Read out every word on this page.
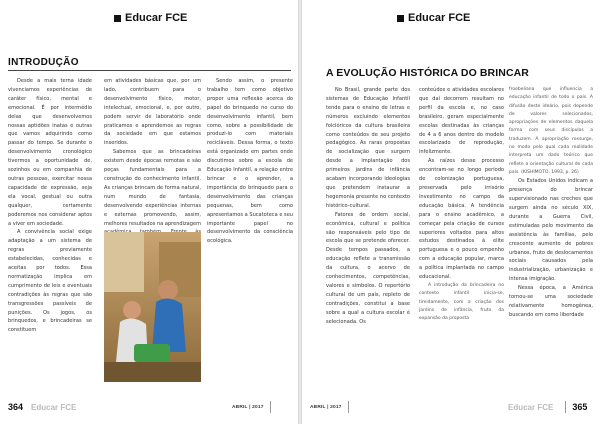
Educar FCE
INTRODUÇÃO

Desde a mais terna idade vivenciamos experiências de caráter físico, mental e emocional. É por intermédio delas que desenvolvemos nossas aptidões inatas e outras que vamos adquirindo como passar do tempo. Se durante o desenvolvimento cronológico tivermos a oportunidade de, sozinhos ou em companhia de outras pessoas, exercitar nossa capacidade de expressão, seja ela vocal, gestual ou outra qualquer, certamente poderemos nos considerar aptos a viver em sociedade.

A convivência social exige adaptação a um sistema de regras previamente estabelecidas, conhecidas e aceitas por todos. Essa normatização implica em cumprimento de leis e eventuais contradições às regras que são transgressões passíveis de punições. Os jogos, os brinquedos, e brincadeiras se constituem

em atividades básicas que, por um lado, contribuem para o desenvolvimento físico, motor, intelectual, emocional, e, por outro, podem servir de laboratório onde praticamos e aprendemos as regras da sociedade em que estamos inseridos.

Sabemos que as brincadeiras existem desde épocas remotas e são peças fundamentais para a construção do conhecimento infantil. As crianças brincam de forma natural, num mundo de fantasia, desenvolvendo experiências internas e externas promovendo, assim, melhores resultados na aprendizagem

Sendo assim, o presente trabalho tem como objetivo propor uma reflexão acerca do papel do brinquedo no curso do desenvolvimento infantil, bem como, sobre a possibilidade de produzi-lo com materiais recicláveis. Dessa forma, o texto está organizado em partes onde discutimos sobre a escola de Educação Infantil, a relação entre brincar e o aprender, a importância do brinquedo para o desenvolvimento das crianças pequenas, bem como apresentamos a Sucatoteca e seu importante papel no desenvolvimento da consciência ecológica.

364 Educar FCE	ABRIL | 2017
Educar FCE
A EVOLUÇÃO HISTÓRICA DO BRINCAR

No Brasil, grande parte dos sistemas de Educação Infantil tende para o ensino de letras e números excluindo elementos folclóricos da cultura brasileira como conteúdos de seu projeto pedagógico. As raras propostas de socialização que surgem desde a implantação dos primeiros jardins de infância acabam incorporando ideologias que pretendem instaurar a hegemonia presente no contexto histórico-cultural.

Fatores de ordem social, econômica, cultural e política são responsáveis pelo tipo de escola que se pretende oferecer. Desde tempos passados, a educação reflete a transmissão da cultura, o acervo de conhecimentos, competências, valores e símbolos. O repertório cultural de um país, repleto de contradições, constitui a base sobre a qual a cultura escolar é selecionada. Os

conteúdos e atividades escolares que daí decorrem resultam no perfil da escola e, no caso brasileiro, geram especialmente escolas destinadas às crianças de 4 a 6 anos dentro do modelo escolarizado de reprodução, infelizmente.

As raízes desse processo encontram-se no longo período de colonização portuguesa, preservada pelo irrisório investimento no campo da educação básica. A tendência para o ensino acadêmico, a começar pela criação de cursos superiores voltados para altos estudos destinados à elite portuguesa e o pouco empenho com a educação popular, marca a política implantada no campo educacional.

A introdução da brincadeira no contexto infantil inicia-se, timidamente, com a criação dos jardins de infância, fruto da expansão da proposta

froebeliana que influencia a educação infantil de todo o país. A difusão deste ideário, pois depende de valores selecionados, apropriações de elementos daquela forma com seus discípulos a traduzem. A apropriação ressurge, no modo pelo qual cada realidade interpreta um dado teórico que reflete a orientação cultural de cada país. (KISHIMOTO, 1993, p. 26)

Os Estados Unidos indicam a presença do brincar supervisionado nas creches que surgem ainda no século XIX, durante a Guerra Civil, estimuladas pelo movimento da assistência às famílias, pelo crescente aumento de pobres urbanos, fruto de deslocamentos sociais causados pela industrialização, urbanização e intensa imigração.

Nessa época, a América tornou-se uma sociedade relativamente homogênea, buscando em como liberdade

ABRIL | 2017	Educar FCE 365
